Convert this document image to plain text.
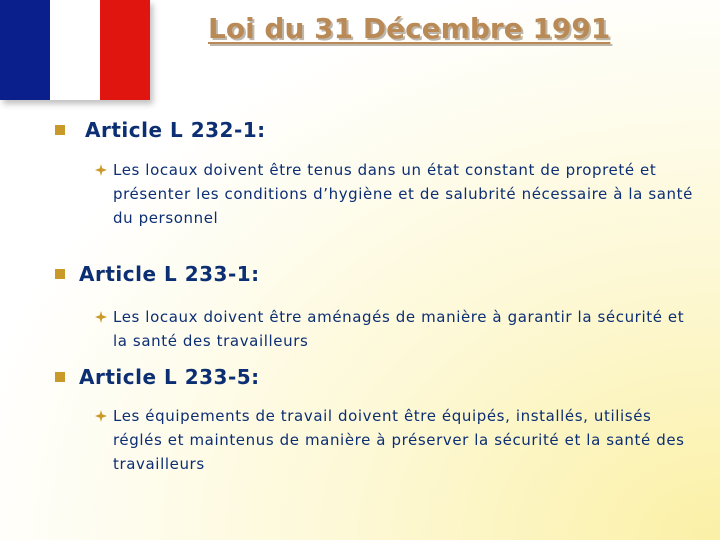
Loi du 31 Décembre 1991
Article L 232-1:
Les locaux doivent être tenus dans un état constant de propreté et présenter les conditions d’hygiène et de salubrité nécessaire à la santé du personnel
Article L 233-1:
Les locaux doivent être aménagés de manière à garantir la sécurité et la santé des travailleurs
Article L 233-5:
Les équipements de travail doivent être équipés, installés, utilisés réglés et maintenus de manière à préserver la sécurité et la santé des travailleurs
